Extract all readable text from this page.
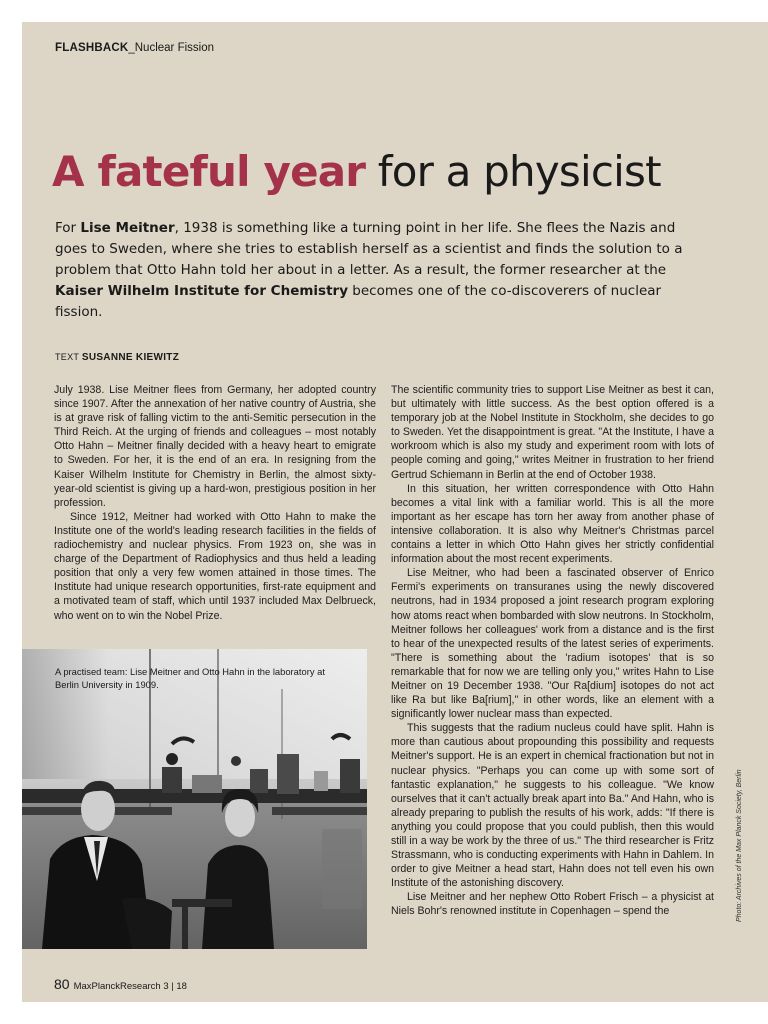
FLASHBACK_Nuclear Fission
A fateful year for a physicist
For Lise Meitner, 1938 is something like a turning point in her life. She flees the Nazis and goes to Sweden, where she tries to establish herself as a scientist and finds the solution to a problem that Otto Hahn told her about in a letter. As a result, the former researcher at the Kaiser Wilhelm Institute for Chemistry becomes one of the co-discoverers of nuclear fission.
TEXT SUSANNE KIEWITZ

July 1938. Lise Meitner flees from Germany, her adopted country since 1907. After the annexation of her native country of Austria, she is at grave risk of falling victim to the anti-Semitic persecution in the Third Reich. At the urging of friends and colleagues – most notably Otto Hahn – Meitner finally decided with a heavy heart to emigrate to Sweden. For her, it is the end of an era. In resigning from the Kaiser Wilhelm Institute for Chemistry in Berlin, the almost sixty-year-old scientist is giving up a hard-won, prestigious position in her profession.

Since 1912, Meitner had worked with Otto Hahn to make the Institute one of the world's leading research facilities in the fields of radiochemistry and nuclear physics. From 1923 on, she was in charge of the Department of Radiophysics and thus held a leading position that only a very few women attained in those times. The Institute had unique research opportunities, first-rate equipment and a motivated team of staff, which until 1937 included Max Delbrueck, who went on to win the Nobel Prize.

A practised team: Lise Meitner and Otto Hahn in the laboratory at Berlin University in 1909.

The scientific community tries to support Lise Meitner as best it can, but ultimately with little success. As the best option offered is a temporary job at the Nobel Institute in Stockholm, she decides to go to Sweden. Yet the disappointment is great. "At the Institute, I have a workroom which is also my study and experiment room with lots of people coming and going," writes Meitner in frustration to her friend Gertrud Schiemann in Berlin at the end of October 1938.

In this situation, her written correspondence with Otto Hahn becomes a vital link with a familiar world. This is all the more important as her escape has torn her away from another phase of intensive collaboration. It is also why Meitner's Christmas parcel contains a letter in which Otto Hahn gives her strictly confidential information about the most recent experiments.

Lise Meitner, who had been a fascinated observer of Enrico Fermi's experiments on transuranes using the newly discovered neutrons, had in 1934 proposed a joint research program exploring how atoms react when bombarded with slow neutrons. In Stockholm, Meitner follows her colleagues' work from a distance and is the first to hear of the unexpected results of the latest series of experiments. "There is something about the 'radium isotopes' that is so remarkable that for now we are telling only you," writes Hahn to Lise Meitner on 19 December 1938. "Our Ra[dium] isotopes do not act like Ra but like Ba[rium]," in other words, like an element with a significantly lower nuclear mass than expected.

This suggests that the radium nucleus could have split. Hahn is more than cautious about propounding this possibility and requests Meitner's support. He is an expert in chemical fractionation but not in nuclear physics. "Perhaps you can come up with some sort of fantastic explanation," he suggests to his colleague. "We know ourselves that it can't actually break apart into Ba." And Hahn, who is already preparing to publish the results of his work, adds: "If there is anything you could propose that you could publish, then this would still in a way be work by the three of us." The third researcher is Fritz Strassmann, who is conducting experiments with Hahn in Dahlem. In order to give Meitner a head start, Hahn does not tell even his own Institute of the astonishing discovery.

Lise Meitner and her nephew Otto Robert Frisch – a physicist at Niels Bohr's renowned institute in Copenhagen – spend the	Photo: Archives of the Max Planck Society, Berlin
80 MaxPlanckResearch 3 | 18
